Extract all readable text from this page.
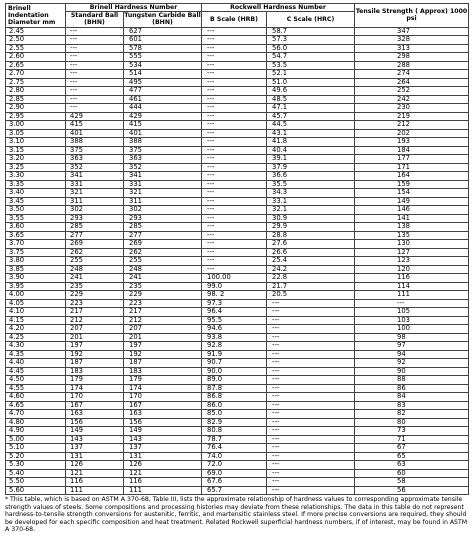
Brinell Indentation Diameter mm	Brinell Hardness Number		Rockwell Hardness Number		Tensile Strength ( Approx) 1000 psi
	Standard Ball (BHN)	Tungsten Carbide Ball (BHN)	B Scale (HRB)	C Scale (HRC)	
2.45	---	627	---	58.7	347
2.50	---	601	---	57.3	328
2.55	---	578	---	56.0	313
2.60	---	555	---	54.7	298
2.65	---	534	---	53.5	288
2.70	---	514	---	52.1	274
2.75	---	495	---	51.0	264
2.80	---	477	---	49.6	252
2.85	---	461	---	48.5	242
2.90	---	444	---	47.1	230
2.95	429	429	---	45.7	219
3.00	415	415	---	44.5	212
3.05	401	401	---	43.1	202
3.10	388	388	---	41.8	193
3.15	375	375	---	40.4	184
3.20	363	363	---	39.1	177
3.25	352	352	---	37.9	171
3.30	341	341	---	36.6	164
3.35	331	331	---	35.5	159
3.40	321	321	---	34.3	154
3.45	311	311	---	33.1	149
3.50	302	302	---	32.1	146
3.55	293	293	---	30.9	141
3.60	285	285	---	29.9	138
3.65	277	277	---	28.8	135
3.70	269	269	---	27.6	130
3.75	262	262	---	26.6	127
3.80	255	255	---	25.4	123
3.85	248	248	---	24.2	120
3.90	241	241	100.00	22.8	116
3.95	235	235	99.0	21.7	114
4.00	229	229	98. 2	20.5	111
4.05	223	223	97.3	---	---
4.10	217	217	96.4	---	105
4.15	212	212	95.5	---	103
4.20	207	207	94.6	---	100
4.25	201	201	93.8	---	98
4.30	197	197	92.8	---	97
4.35	192	192	91.9	---	94
4.40	187	187	90.7	---	92
4.45	183	183	90.0	---	90
4.50	179	179	89.0	---	88
4.55	174	174	87.8	---	86
4.60	170	170	86.8	---	84
4.65	167	167	86.0	---	83
4.70	163	163	85.0	---	82
4.80	156	156	82.9	---	80
4.90	149	149	80.8	---	73
5.00	143	143	78.7	---	71
5.10	137	137	76.4	---	67
5.20	131	131	74.0	---	65
5.30	126	126	72.0	---	63
5.40	121	121	69.0	---	60
5.50	116	116	67.6	---	58
5.60	111	111	65.7	---	56
* This table, which is based on ASTM A 370-68, Table III, lists the approximate relationship of hardness values to corresponding approximate tensile strength values of steels. Some compositions and processing histories may deviate from these relationships. The data in this table do not represent hardness-to-tensile strength conversions for austenitic, ferritic, and martensitic stainless steel. If more precise conversions are required, they should be developed for each specific composition and heat treatment. Related Rockwell superficial hardness numbers, if of interest, may be found in ASTM A 370-68.
